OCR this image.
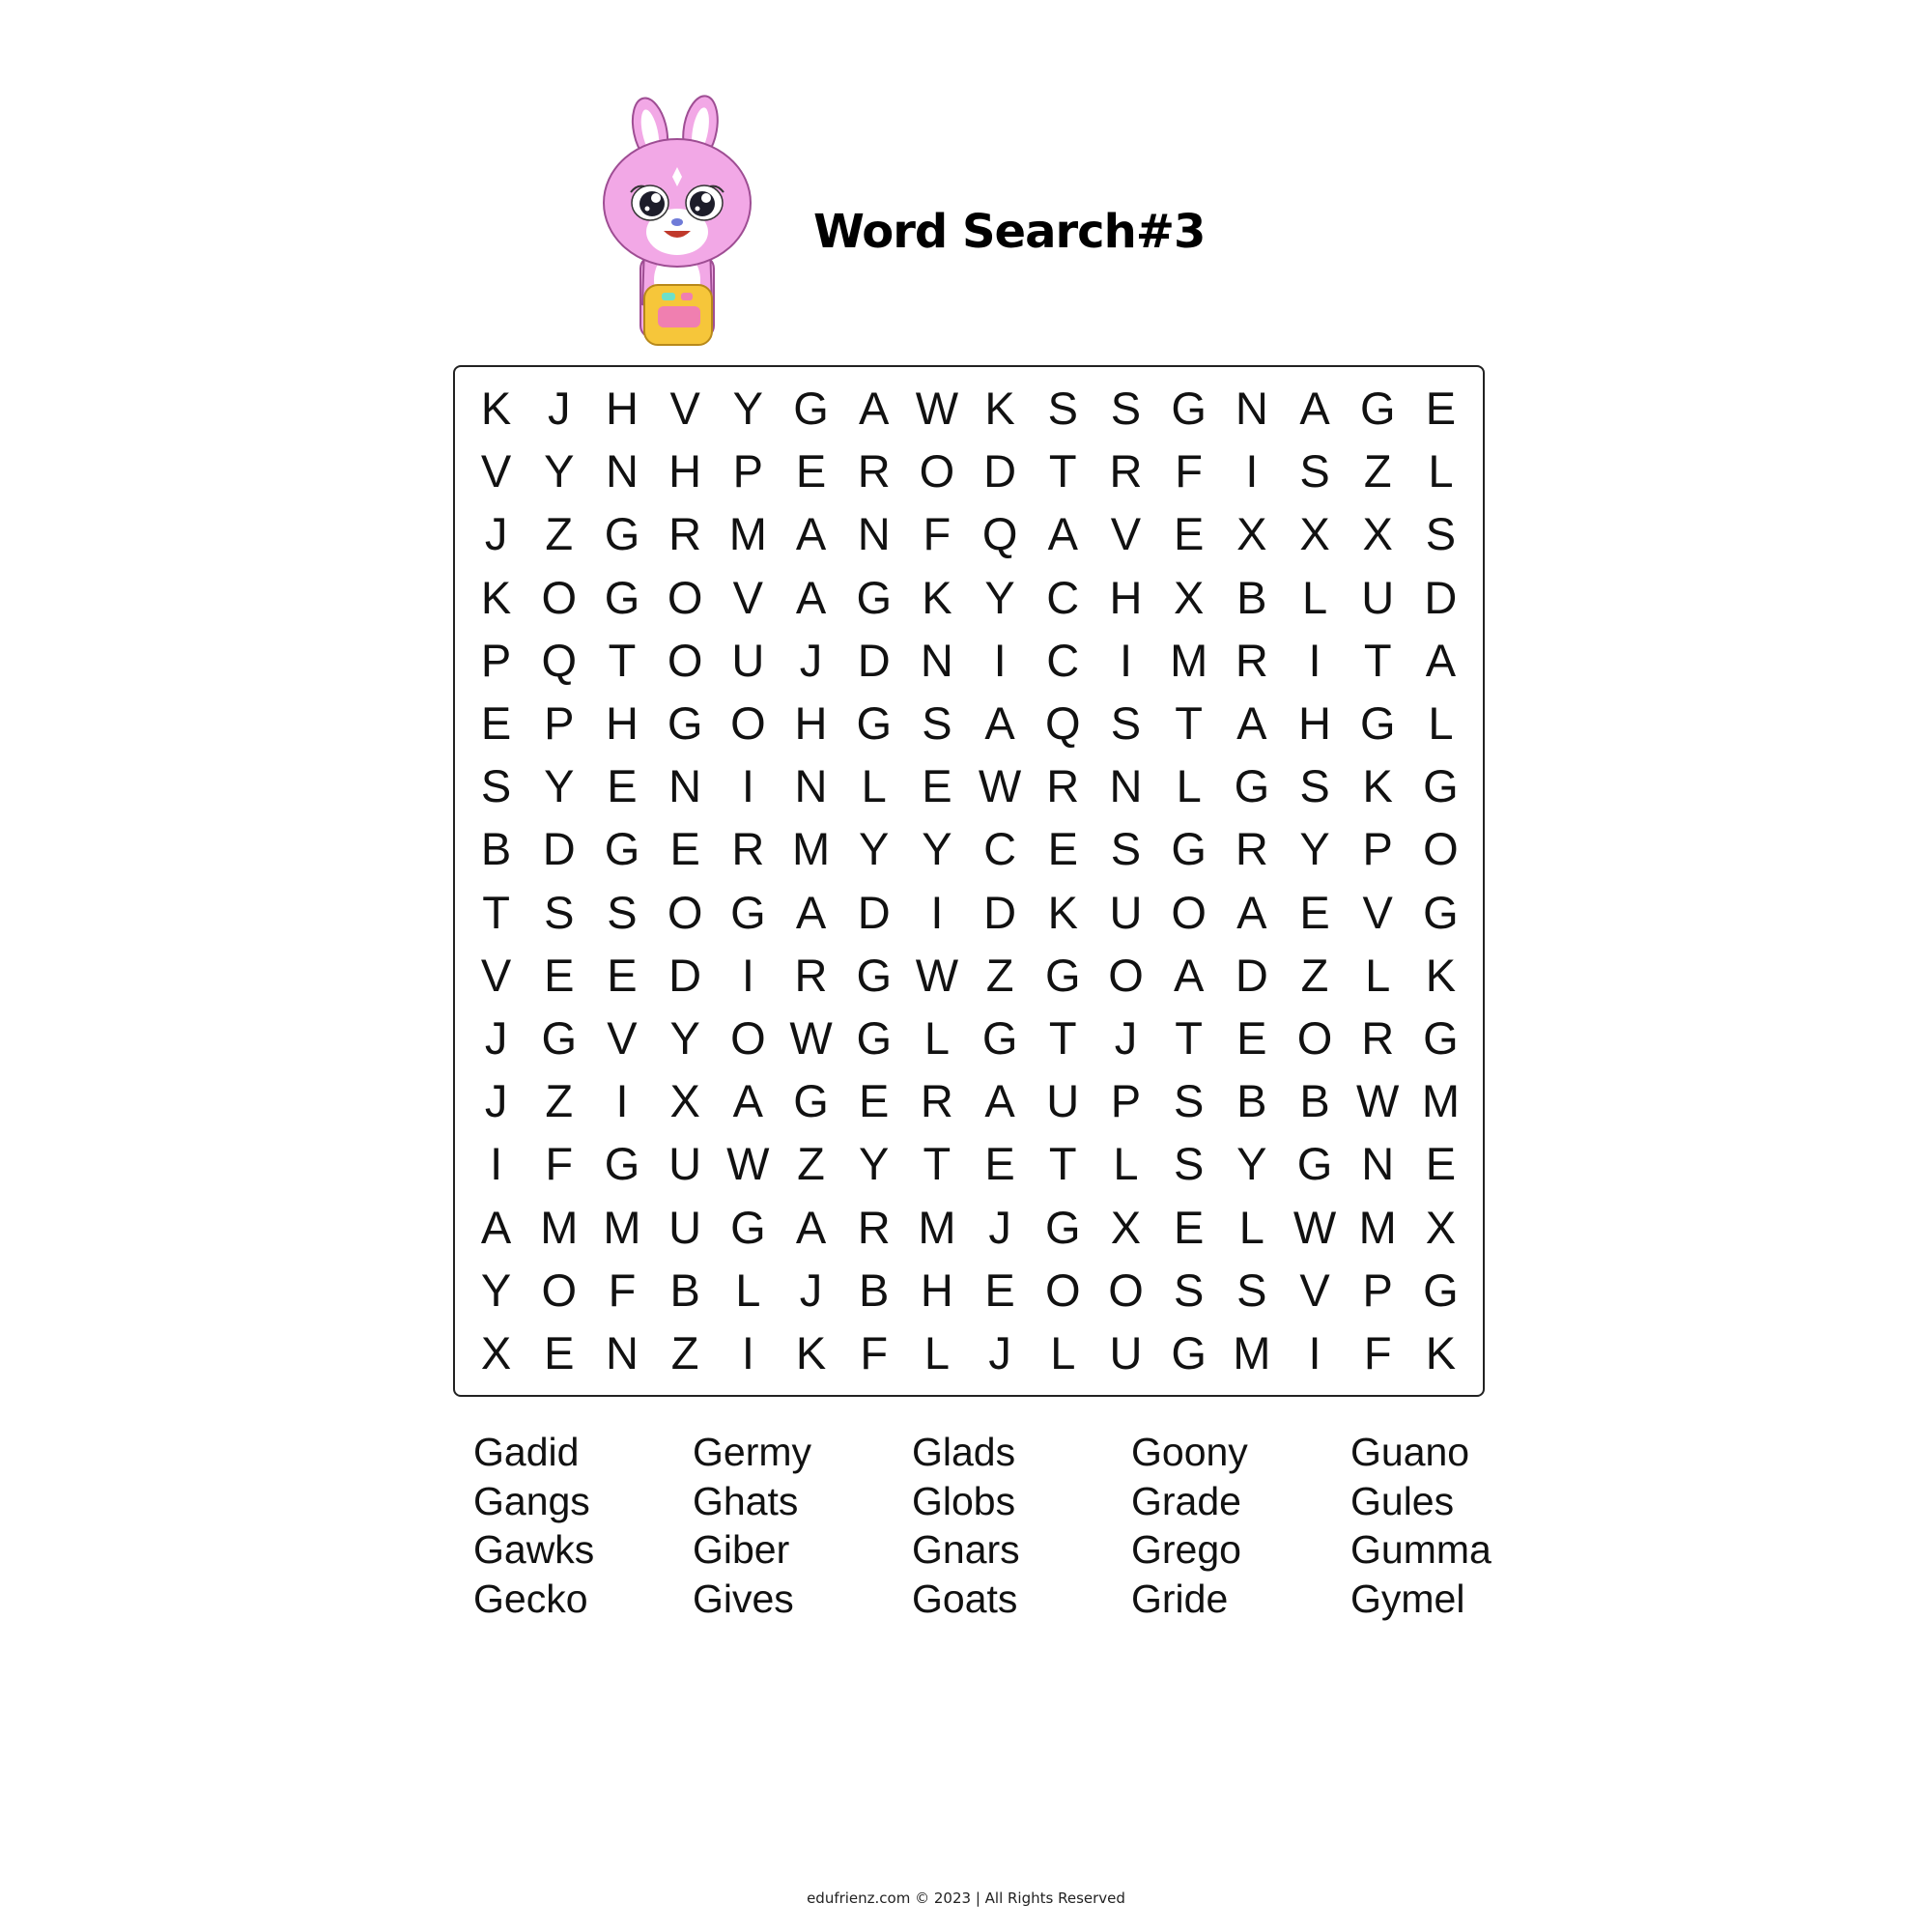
Word Search#3
K J H V Y G A W K S S G N A G E
V Y N H P E R O D T R F I S Z L
J Z G R M A N F Q A V E X X X S
K O G O V A G K Y C H X B L U D
P Q T O U J D N I C I M R I T A
E P H G O H G S A Q S T A H G L
S Y E N I N L E W R N L G S K G
B D G E R M Y Y C E S G R Y P O
T S S O G A D I D K U O A E V G
V E E D I R G W Z G O A D Z L K
J G V Y O W G L G T J T E O R G
J Z I X A G E R A U P S B B W M
I F G U W Z Y T E T L S Y G N E
A M M U G A R M J G X E L W M X
Y O F B L J B H E O O S S V P G
X E N Z I K F L J L U G M I F K
Gadid	Germy	Glads	Goony	Guano
Gangs	Ghats	Globs	Grade	Gules
Gawks	Giber	Gnars	Grego	Gumma
Gecko	Gives	Goats	Gride	Gymel
edufrienz.com © 2023 | All Rights Reserved
